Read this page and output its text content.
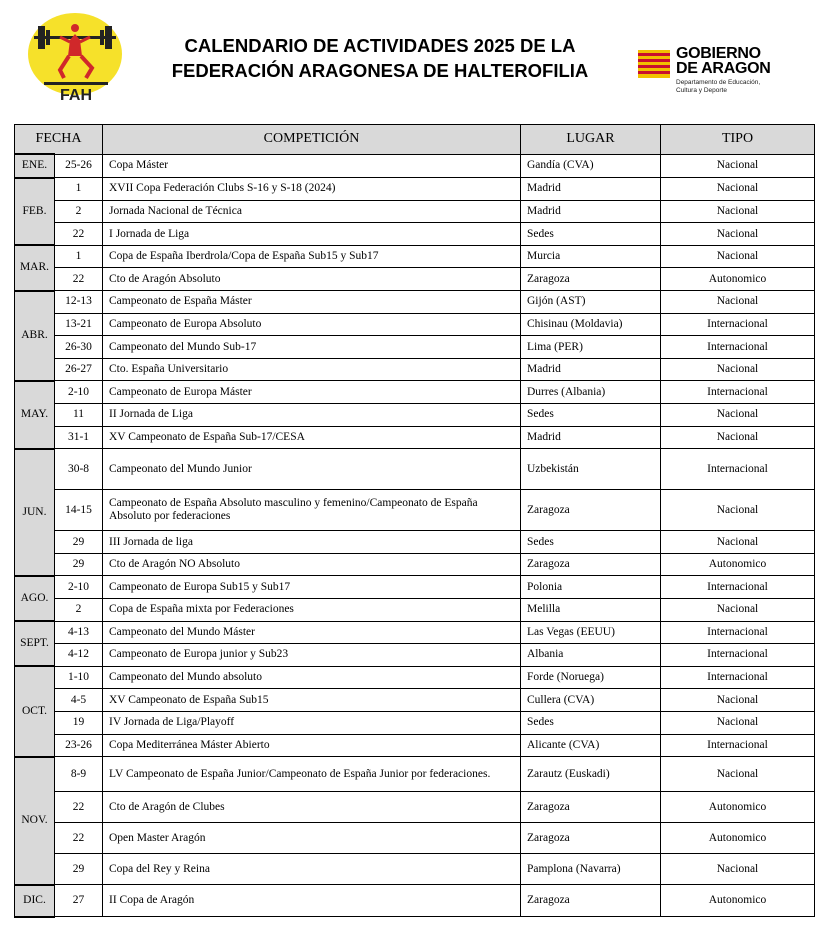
FAH
CALENDARIO DE ACTIVIDADES 2025 DE LA
FEDERACIÓN ARAGONESA DE HALTEROFILIA
GOBIERNO
DE ARAGON
Departamento de Educación,
Cultura y Deporte
FECHA		COMPETICIÓN	LUGAR	TIPO
ENE.	25-26	Copa Máster	Gandía (CVA)	Nacional
FEB.	1	XVII Copa Federación Clubs S-16 y S-18 (2024)	Madrid	Nacional
	2	Jornada Nacional de Técnica	Madrid	Nacional
	22	I Jornada de Liga	Sedes	Nacional
MAR.	1	Copa de España Iberdrola/Copa de España Sub15 y Sub17	Murcia	Nacional
	22	Cto de Aragón Absoluto	Zaragoza	Autonomico
ABR.	12-13	Campeonato de España Máster	Gijón (AST)	Nacional
	13-21	Campeonato de Europa Absoluto	Chisinau (Moldavia)	Internacional
	26-30	Campeonato del Mundo Sub-17	Lima (PER)	Internacional
	26-27	Cto. España Universitario	Madrid	Nacional
MAY.	2-10	Campeonato de Europa Máster	Durres (Albania)	Internacional
	11	II Jornada de Liga	Sedes	Nacional
	31-1	XV Campeonato de España Sub-17/CESA	Madrid	Nacional
JUN.	30-8	Campeonato del Mundo Junior	Uzbekistán	Internacional
	14-15	Campeonato de España Absoluto masculino y femenino/Campeonato de España Absoluto por federaciones	Zaragoza	Nacional
	29	III Jornada de liga	Sedes	Nacional
	29	Cto de Aragón NO Absoluto	Zaragoza	Autonomico
AGO.	2-10	Campeonato de Europa Sub15 y Sub17	Polonia	Internacional
	2	Copa de España mixta por Federaciones	Melilla	Nacional
SEPT.	4-13	Campeonato del Mundo Máster	Las Vegas (EEUU)	Internacional
	4-12	Campeonato de Europa junior y Sub23	Albania	Internacional
OCT.	1-10	Campeonato del Mundo absoluto	Forde (Noruega)	Internacional
	4-5	XV Campeonato de España Sub15	Cullera (CVA)	Nacional
	19	IV Jornada de Liga/Playoff	Sedes	Nacional
	23-26	Copa Mediterránea Máster Abierto	Alicante (CVA)	Internacional
NOV.	8-9	LV Campeonato de España Junior/Campeonato de España Junior por federaciones.	Zarautz (Euskadi)	Nacional
	22	Cto de Aragón de Clubes	Zaragoza	Autonomico
	22	Open Master Aragón	Zaragoza	Autonomico
	29	Copa del Rey y Reina	Pamplona (Navarra)	Nacional
DIC.	27	II Copa de Aragón	Zaragoza	Autonomico
